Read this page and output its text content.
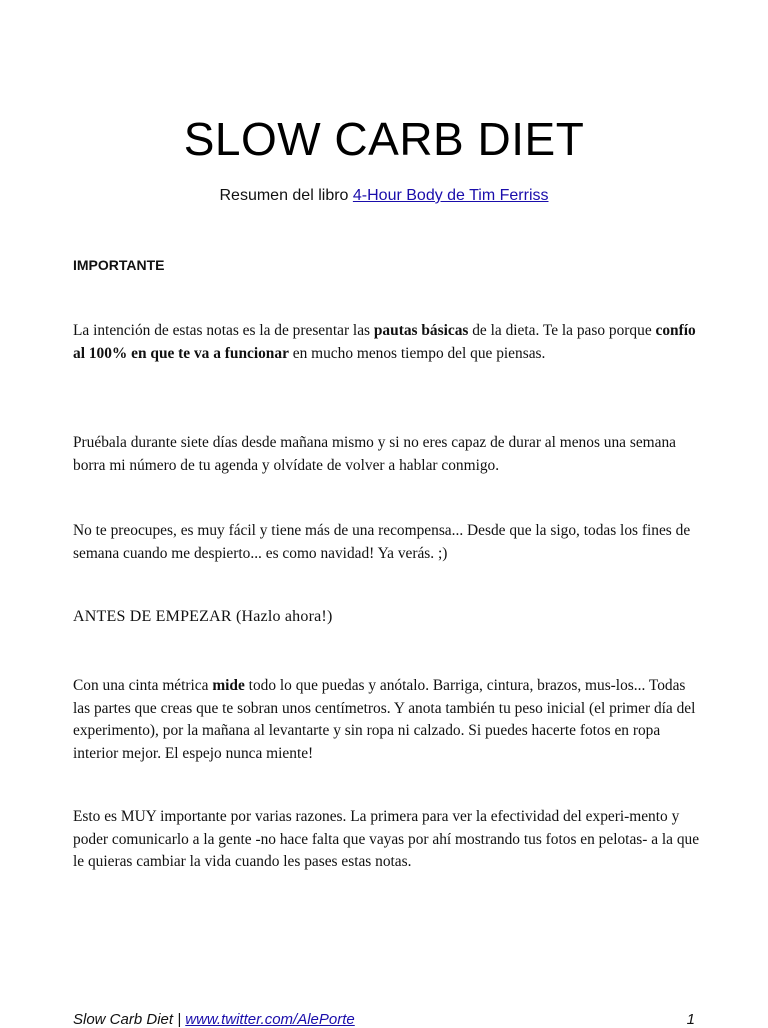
SLOW CARB DIET
Resumen del libro 4-Hour Body de Tim Ferriss
IMPORTANTE

La intención de estas notas es la de presentar las pautas básicas de la dieta. Te la paso porque confío al 100% en que te va a funcionar en mucho menos tiempo del que piensas.

Pruébala durante siete días desde mañana mismo y si no eres capaz de durar al menos una semana borra mi número de tu agenda y olvídate de volver a hablar conmigo.

No te preocupes, es muy fácil y tiene más de una recompensa... Desde que la sigo, todas los fines de semana cuando me despierto... es como navidad! Ya verás. ;)

ANTES DE EMPEZAR (Hazlo ahora!)

Con una cinta métrica mide todo lo que puedas y anótalo. Barriga, cintura, brazos, mus-los... Todas las partes que creas que te sobran unos centímetros. Y anota también tu peso inicial (el primer día del experimento), por la mañana al levantarte y sin ropa ni calzado. Si puedes hacerte fotos en ropa interior mejor. El espejo nunca miente!

Esto es MUY importante por varias razones. La primera para ver la efectividad del experi-mento y poder comunicarlo a la gente -no hace falta que vayas por ahí mostrando tus fotos en pelotas- a la que le quieras cambiar la vida cuando les pases estas notas.

Slow Carb Diet | www.twitter.com/AlePorte	1
